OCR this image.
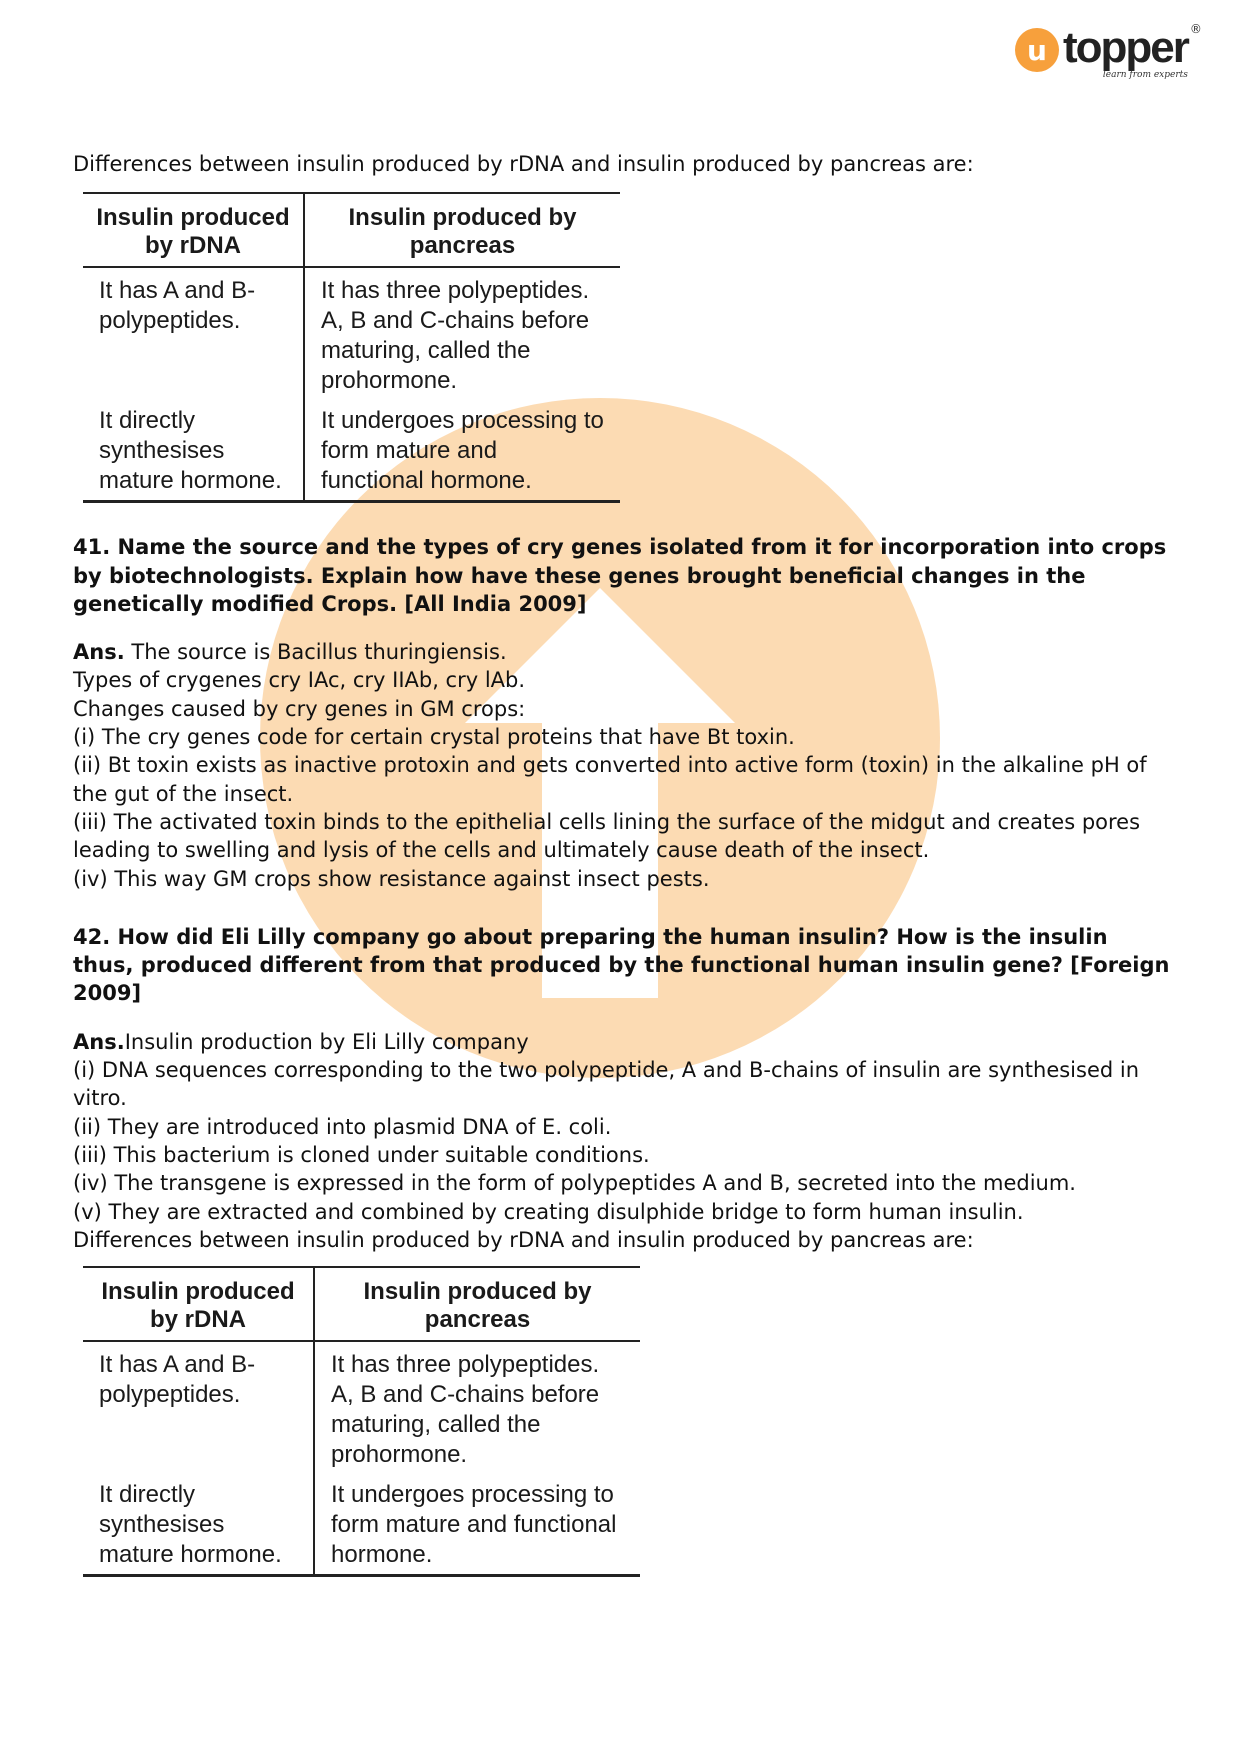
u topper ®
learn from experts

Differences between insulin produced by rDNA and insulin produced by pancreas are:

Insulin produced by rDNA	Insulin produced by pancreas
It has A and B-polypeptides.	It has three polypeptides. A, B and C-chains before maturing, called the prohormone.
It directly synthesises mature hormone.	It undergoes processing to form mature and functional hormone.

41. Name the source and the types of cry genes isolated from it for incorporation into crops by biotechnologists. Explain how have these genes brought beneficial changes in the genetically modified Crops. [All India 2009]

Ans. The source is Bacillus thuringiensis.

Types of crygenes cry IAc, cry IIAb, cry lAb.

Changes caused by cry genes in GM crops:

(i) The cry genes code for certain crystal proteins that have Bt toxin.

(ii) Bt toxin exists as inactive protoxin and gets converted into active form (toxin) in the alkaline pH of the gut of the insect.

(iii) The activated toxin binds to the epithelial cells lining the surface of the midgut and creates pores leading to swelling and lysis of the cells and ultimately cause death of the insect.

(iv) This way GM crops show resistance against insect pests.

42. How did Eli Lilly company go about preparing the human insulin? How is the insulin thus, produced different from that produced by the functional human insulin gene? [Foreign 2009]

Ans.Insulin production by Eli Lilly company

(i) DNA sequences corresponding to the two polypeptide, A and B-chains of insulin are synthesised in vitro.

(ii) They are introduced into plasmid DNA of E. coli.

(iii) This bacterium is cloned under suitable conditions.

(iv) The transgene is expressed in the form of polypeptides A and B, secreted into the medium.

(v) They are extracted and combined by creating disulphide bridge to form human insulin.

Differences between insulin produced by rDNA and insulin produced by pancreas are:

Insulin produced by rDNA	Insulin produced by pancreas
It has A and B-polypeptides.	It has three polypeptides. A, B and C-chains before maturing, called the prohormone.
It directly synthesises mature hormone.	It undergoes processing to form mature and functional hormone.
